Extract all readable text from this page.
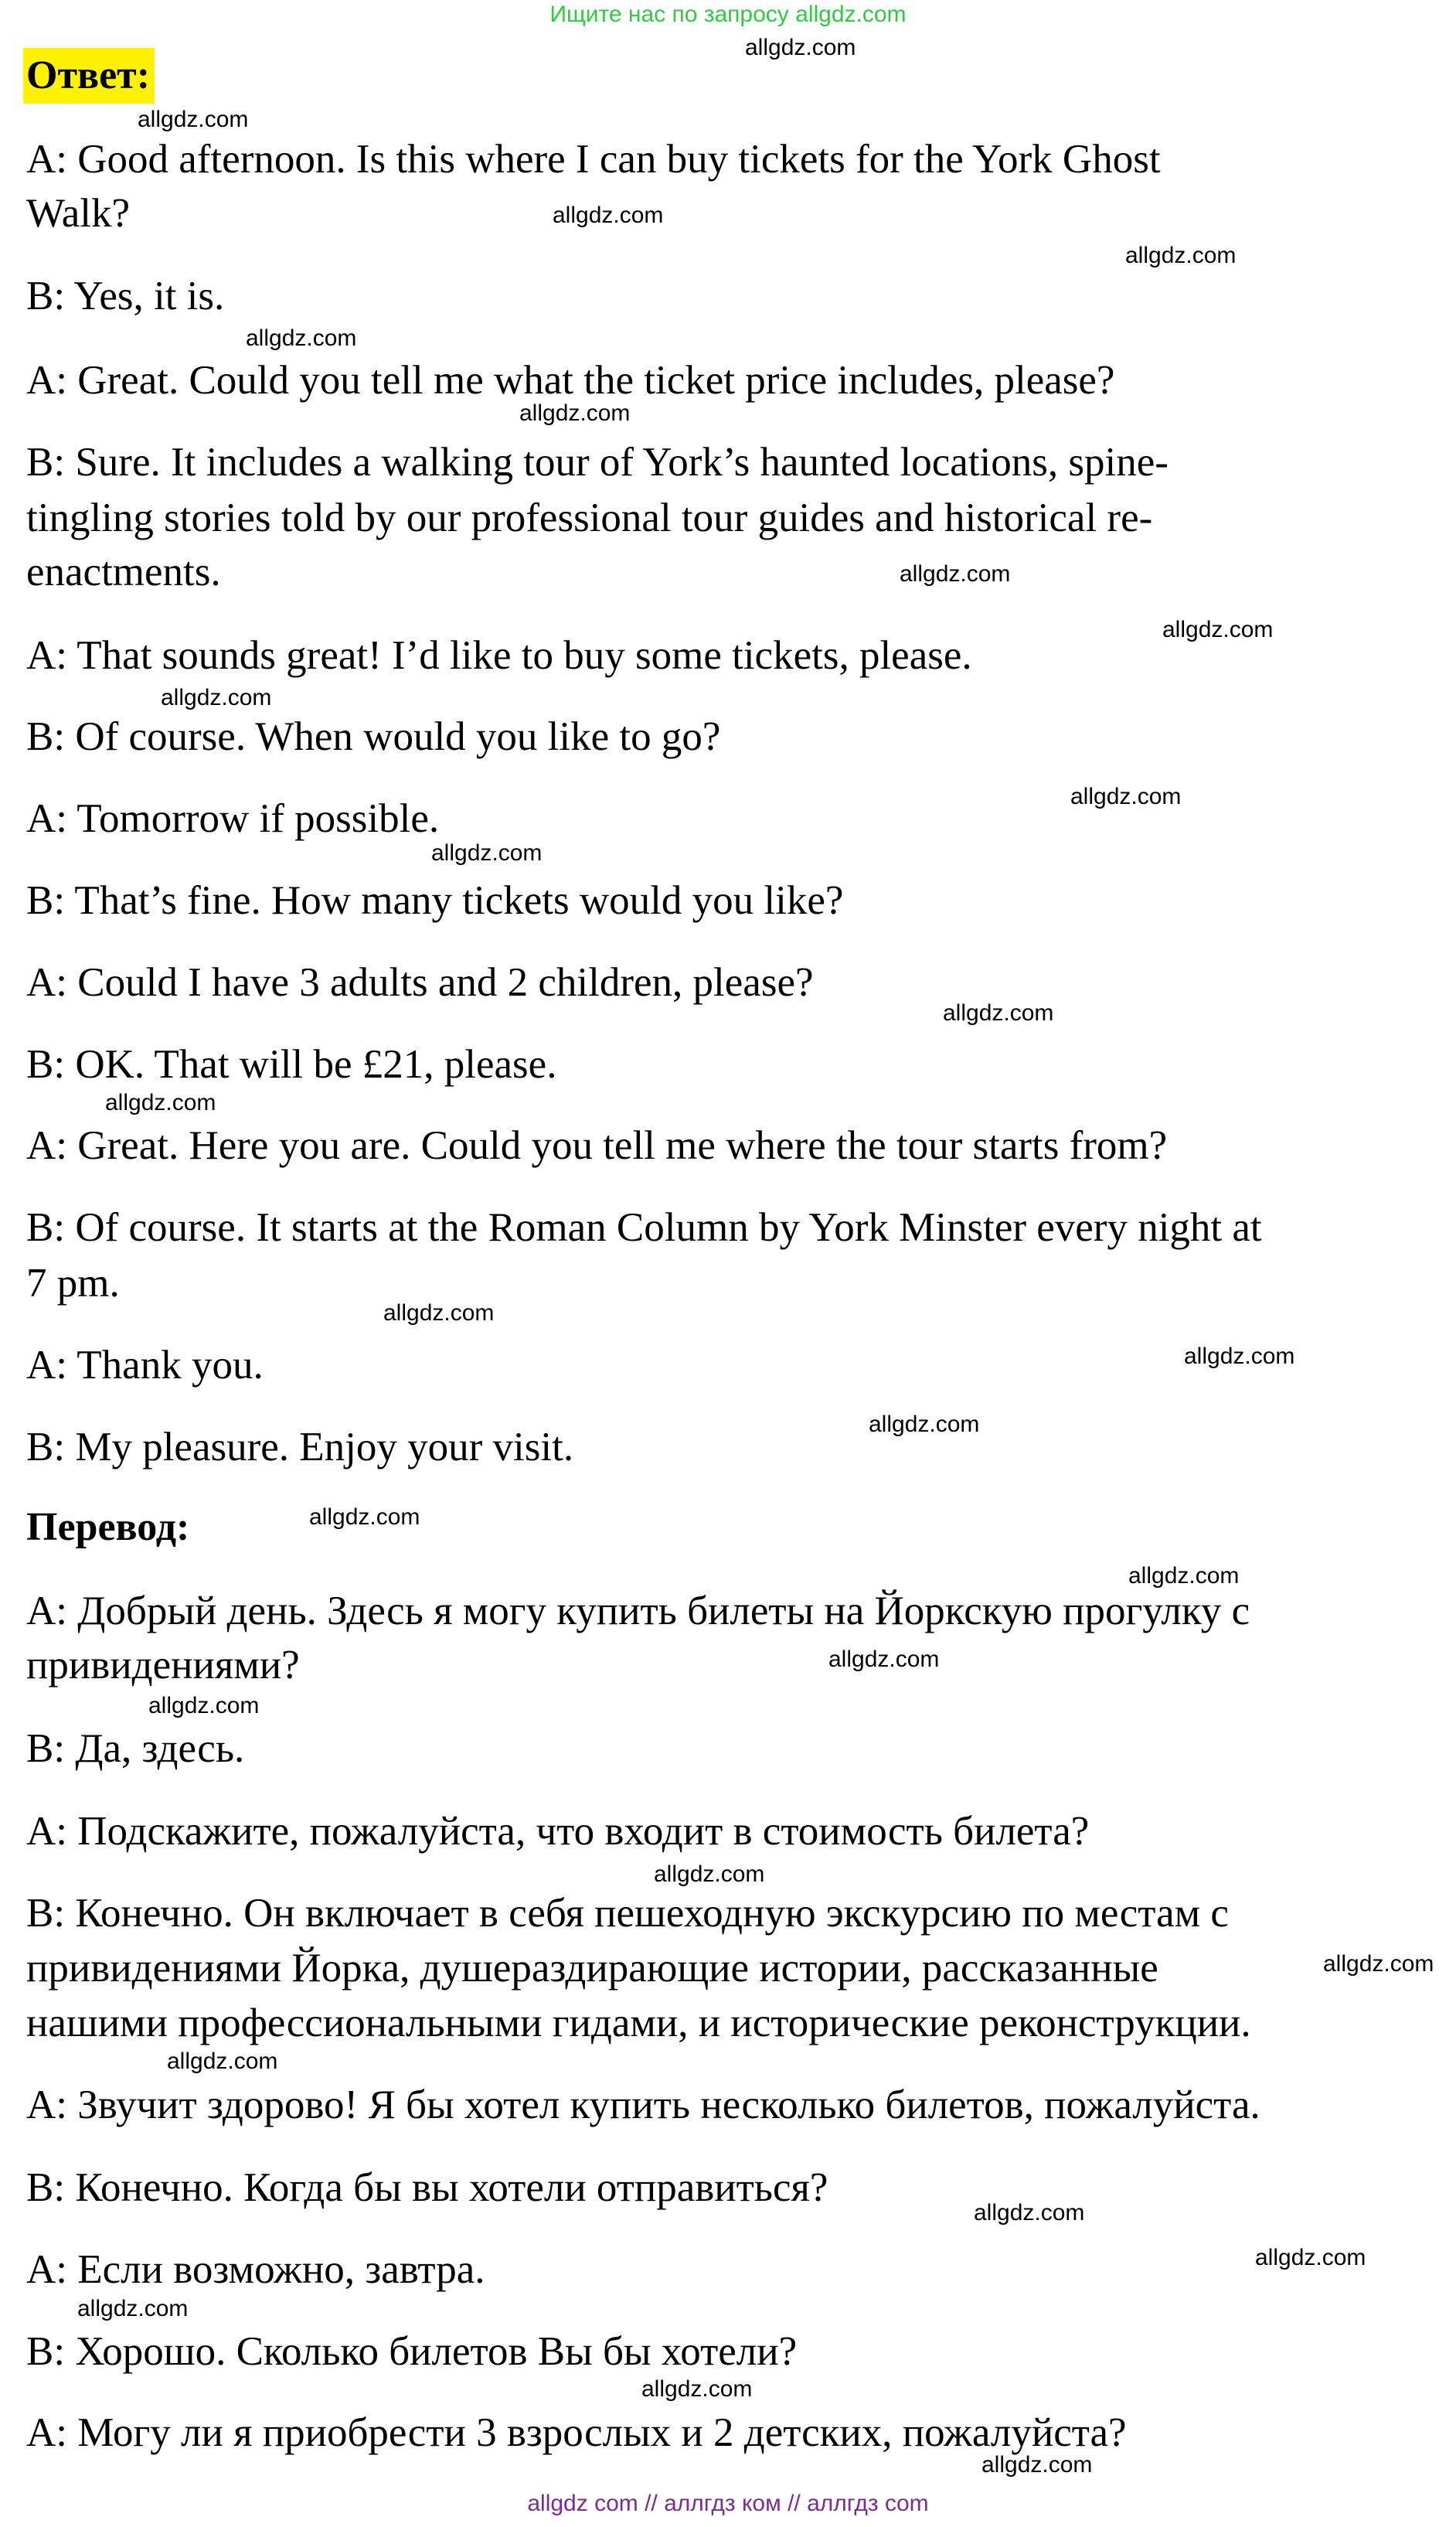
Ищите нас по запросу allgdz.com
Ответ:
A: Good afternoon. Is this where I can buy tickets for the York Ghost
Walk?
B: Yes, it is.
A: Great. Could you tell me what the ticket price includes, please?
B: Sure. It includes a walking tour of York’s haunted locations, spine-
tingling stories told by our professional tour guides and historical re-
enactments.
A: That sounds great! I’d like to buy some tickets, please.
B: Of course. When would you like to go?
A: Tomorrow if possible.
B: That’s fine. How many tickets would you like?
A: Could I have 3 adults and 2 children, please?
B: OK. That will be £21, please.
A: Great. Here you are. Could you tell me where the tour starts from?
B: Of course. It starts at the Roman Column by York Minster every night at
7 pm.
A: Thank you.
B: My pleasure. Enjoy your visit.
Перевод:
А: Добрый день. Здесь я могу купить билеты на Йоркскую прогулку с
привидениями?
В: Да, здесь.
А: Подскажите, пожалуйста, что входит в стоимость билета?
В: Конечно. Он включает в себя пешеходную экскурсию по местам с
привидениями Йорка, душераздирающие истории, рассказанные
нашими профессиональными гидами, и исторические реконструкции.
А: Звучит здорово! Я бы хотел купить несколько билетов, пожалуйста.
В: Конечно. Когда бы вы хотели отправиться?
А: Если возможно, завтра.
В: Хорошо. Сколько билетов Вы бы хотели?
А: Могу ли я приобрести 3 взрослых и 2 детских, пожалуйста?
allgdz.com
allgdz.com
allgdz.com
allgdz.com
allgdz.com
allgdz.com
allgdz.com
allgdz.com
allgdz.com
allgdz.com
allgdz.com
allgdz.com
allgdz.com
allgdz.com
allgdz.com
allgdz.com
allgdz.com
allgdz.com
allgdz.com
allgdz.com
allgdz.com
allgdz.com
allgdz.com
allgdz.com
allgdz.com
allgdz.com
allgdz.com
allgdz.com
allgdz com // аллгдз ком // аллгдз сom
